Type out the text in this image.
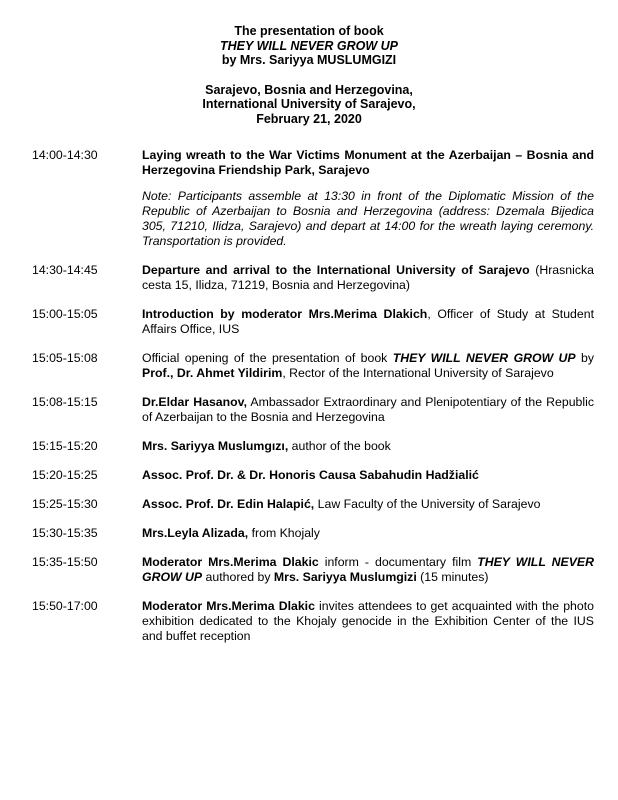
The presentation of book
THEY WILL NEVER GROW UP
by Mrs. Sariyya MUSLUMGIZI
Sarajevo, Bosnia and Herzegovina,
International University of Sarajevo,
February 21, 2020
14:00-14:30	Laying wreath to the War Victims Monument at the Azerbaijan – Bosnia and Herzegovina Friendship Park, Sarajevo
Note: Participants assemble at 13:30 in front of the Diplomatic Mission of the Republic of Azerbaijan to Bosnia and Herzegovina (address: Dzemala Bijedica 305, 71210, Ilidza, Sarajevo) and depart at 14:00 for the wreath laying ceremony. Transportation is provided.
14:30-14:45	Departure and arrival to the International University of Sarajevo (Hrasnicka cesta 15, Ilidza, 71219, Bosnia and Herzegovina)
15:00-15:05	Introduction by moderator Mrs.Merima Dlakich, Officer of Study at Student Affairs Office, IUS
15:05-15:08	Official opening of the presentation of book THEY WILL NEVER GROW UP by Prof., Dr. Ahmet Yildirim, Rector of the International University of Sarajevo
15:08-15:15	Dr.Eldar Hasanov, Ambassador Extraordinary and Plenipotentiary of the Republic of Azerbaijan to the Bosnia and Herzegovina
15:15-15:20	Mrs. Sariyya Muslumgızı, author of the book
15:20-15:25	Assoc. Prof. Dr. & Dr. Honoris Causa Sabahudin Hadžialić
15:25-15:30	Assoc. Prof. Dr. Edin Halapić, Law Faculty of the University of Sarajevo
15:30-15:35	Mrs.Leyla Alizada, from Khojaly
15:35-15:50	Moderator Mrs.Merima Dlakic inform - documentary film THEY WILL NEVER GROW UP authored by Mrs. Sariyya Muslumgizi (15 minutes)
15:50-17:00	Moderator Mrs.Merima Dlakic invites attendees to get acquainted with the photo exhibition dedicated to the Khojaly genocide in the Exhibition Center of the IUS and buffet reception
